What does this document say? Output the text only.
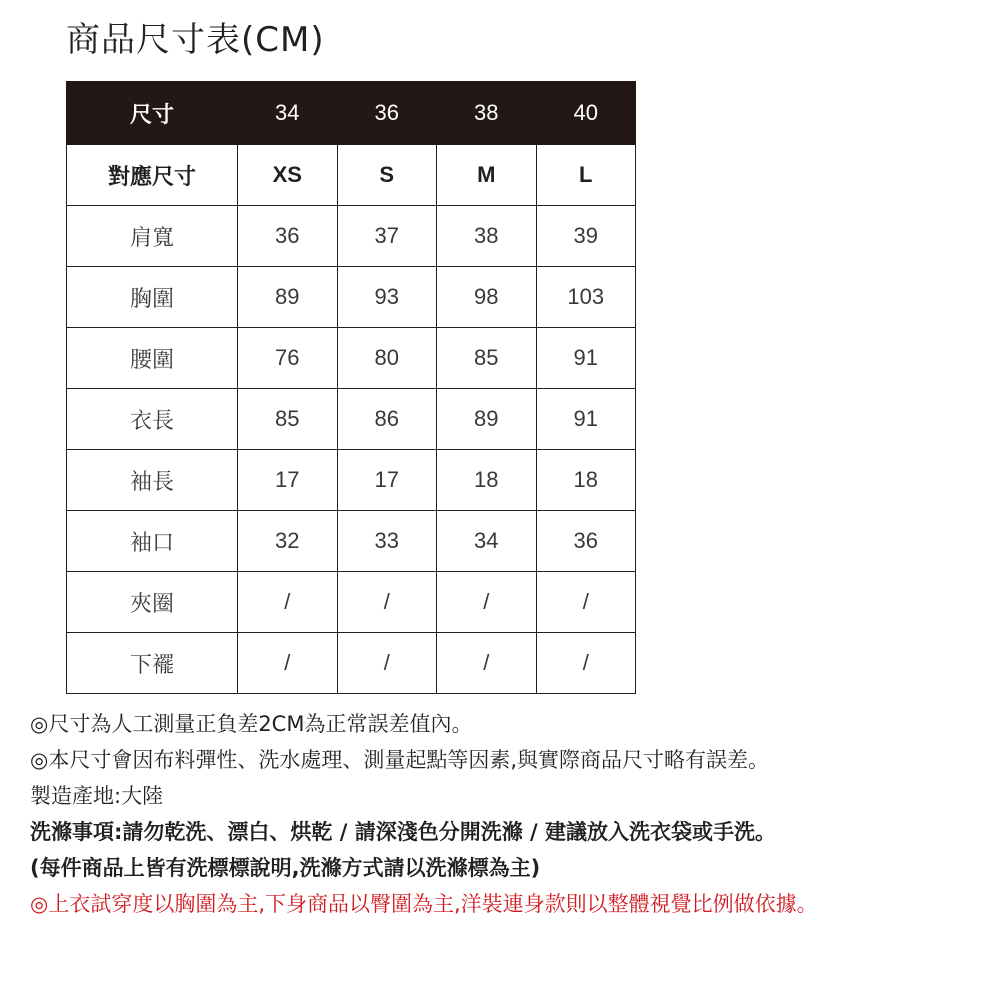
商品尺寸表(CM)
尺寸	34	36	38	40
對應尺寸	XS	S	M	L
肩寬	36	37	38	39
胸圍	89	93	98	103
腰圍	76	80	85	91
衣長	85	86	89	91
袖長	17	17	18	18
袖口	32	33	34	36
夾圈	/	/	/	/
下襬	/	/	/	/
◎尺寸為人工測量正負差2CM為正常誤差值內。
◎本尺寸會因布料彈性、洗水處理、測量起點等因素,與實際商品尺寸略有誤差。
製造產地:大陸
洗滌事項:請勿乾洗、漂白、烘乾 / 請深淺色分開洗滌 / 建議放入洗衣袋或手洗。
(每件商品上皆有洗標標說明,洗滌方式請以洗滌標為主)
◎上衣試穿度以胸圍為主,下身商品以臀圍為主,洋裝連身款則以整體視覺比例做依據。
